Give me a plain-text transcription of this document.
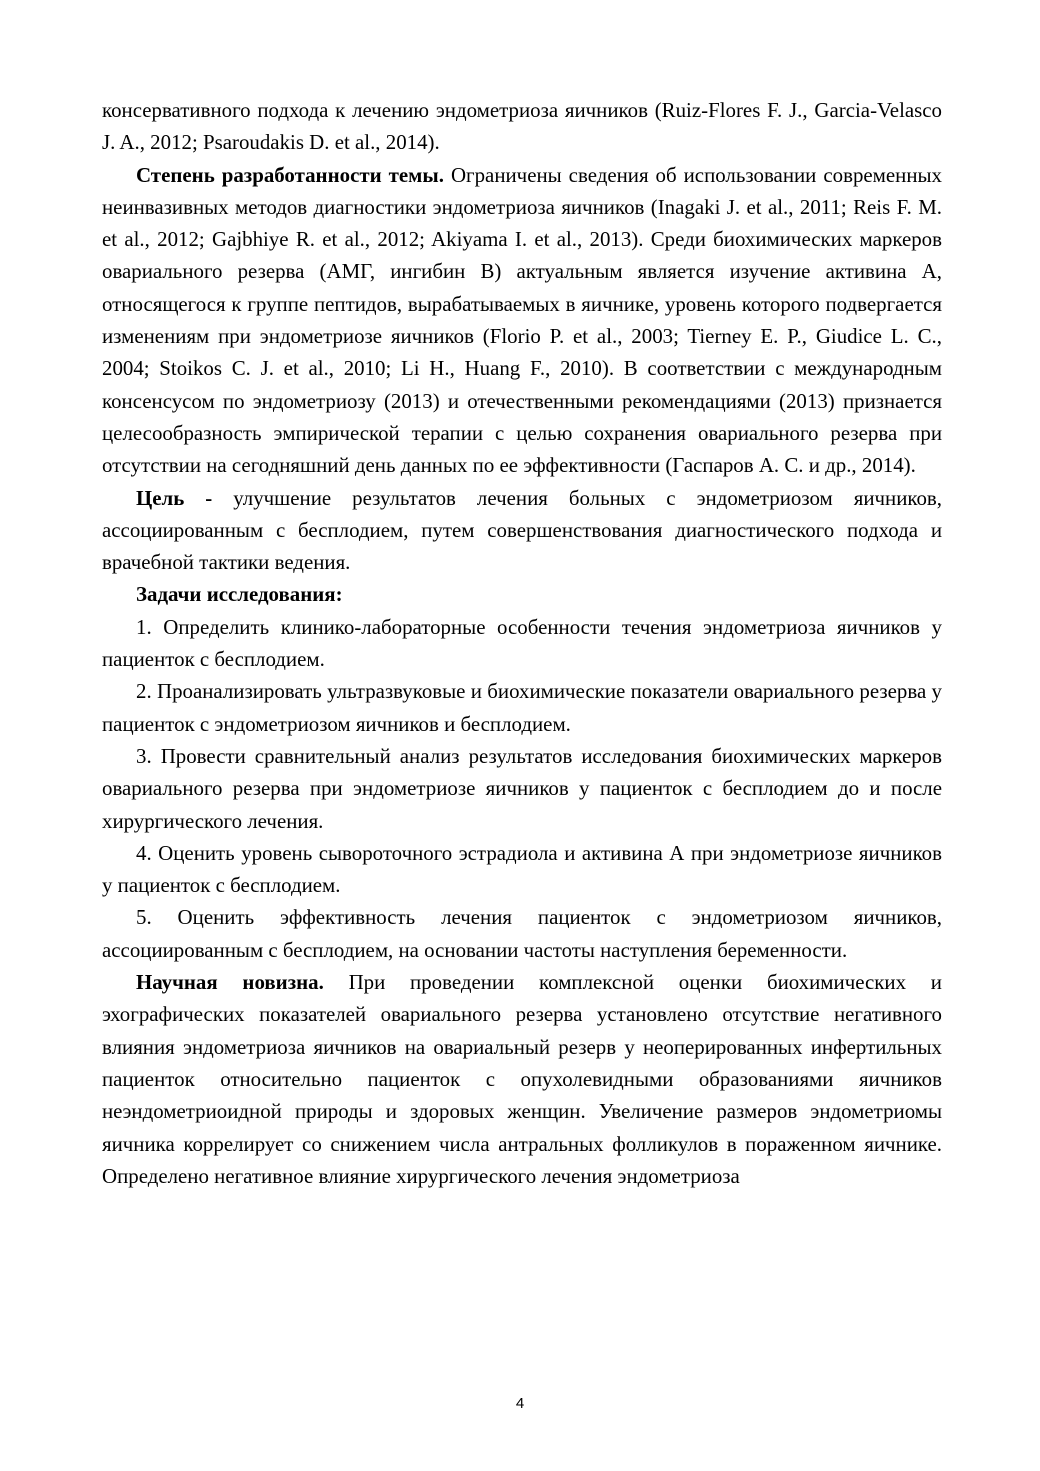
консервативного подхода к лечению эндометриоза яичников (Ruiz-Flores F. J., Garcia-Velasco J. A., 2012; Psaroudakis D. et al., 2014).

Степень разработанности темы. Ограничены сведения об использовании современных неинвазивных методов диагностики эндометриоза яичников (Inagaki J. et al., 2011; Reis F. M. et al., 2012; Gajbhiye R. et al., 2012; Akiyama I. et al., 2013). Среди биохимических маркеров овариального резерва (АМГ, ингибин В) актуальным является изучение активина А, относящегося к группе пептидов, вырабатываемых в яичнике, уровень которого подвергается изменениям при эндометриозе яичников (Florio P. et al., 2003; Tierney E. P., Giudice L. C., 2004; Stoikos C. J. et al., 2010; Li H., Huang F., 2010). В соответствии с международным консенсусом по эндометриозу (2013) и отечественными рекомендациями (2013) признается целесообразность эмпирической терапии с целью сохранения овариального резерва при отсутствии на сегодняшний день данных по ее эффективности (Гаспаров А. С. и др., 2014).

Цель - улучшение результатов лечения больных с эндометриозом яичников, ассоциированным с бесплодием, путем совершенствования диагностического подхода и врачебной тактики ведения.

Задачи исследования:

1. Определить клинико-лабораторные особенности течения эндометриоза яичников у пациенток с бесплодием.

2. Проанализировать ультразвуковые и биохимические показатели овариального резерва у пациенток с эндометриозом яичников и бесплодием.

3. Провести сравнительный анализ результатов исследования биохимических маркеров овариального резерва при эндометриозе яичников у пациенток с бесплодием до и после хирургического лечения.

4. Оценить уровень сывороточного эстрадиола и активина А при эндометриозе яичников у пациенток с бесплодием.

5. Оценить эффективность лечения пациенток с эндометриозом яичников, ассоциированным с бесплодием, на основании частоты наступления беременности.

Научная новизна. При проведении комплексной оценки биохимических и эхографических показателей овариального резерва установлено отсутствие негативного влияния эндометриоза яичников на овариальный резерв у неоперированных инфертильных пациенток относительно пациенток с опухолевидными образованиями яичников неэндометриоидной природы и здоровых женщин. Увеличение размеров эндометриомы яичника коррелирует со снижением числа антральных фолликулов в пораженном яичнике. Определено негативное влияние хирургического лечения эндометриоза

4
